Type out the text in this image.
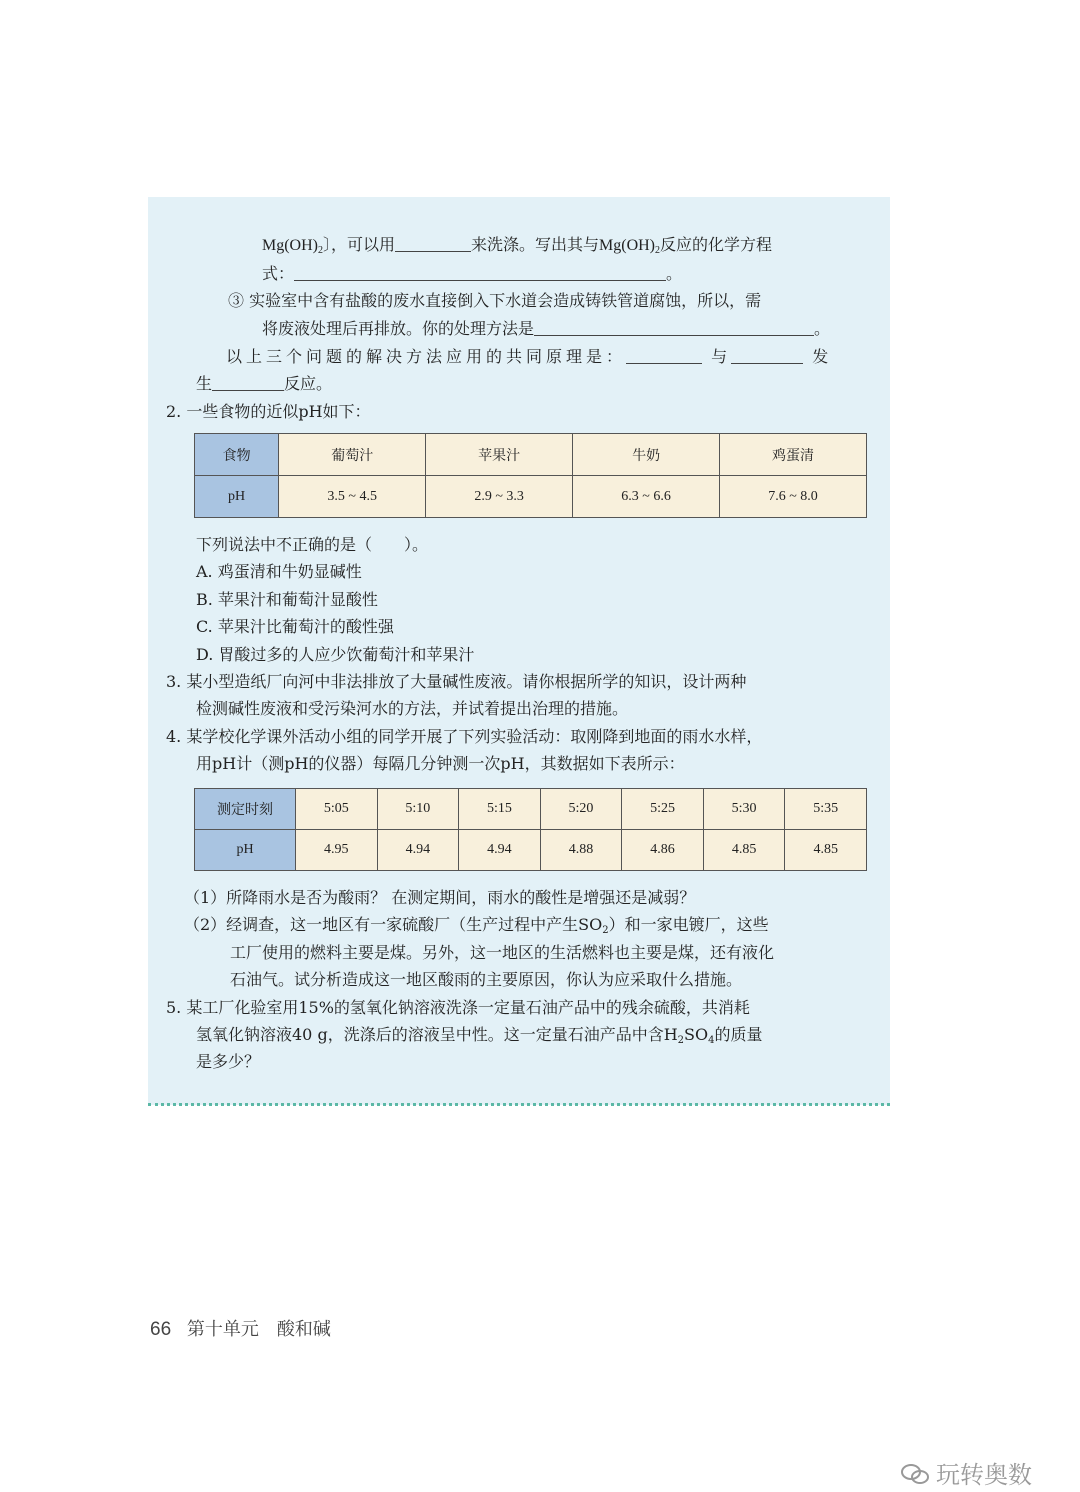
$Mg(OH)_2$〕，可以用	来洗涤。写出其与$Mg(OH)_2$反应的化学方程
式：	。
③ 实验室中含有盐酸的废水直接倒入下水道会造成铸铁管道腐蚀，所以，需
将废液处理后再排放。你的处理方法是	。
以上三个问题的解决方法应用的共同原理是：	与	发
生	反应。
2. 一些食物的近似pH如下：
食物	葡萄汁	苹果汁	牛奶	鸡蛋清
pH	3.5 ~ 4.5	2.9 ~ 3.3	6.3 ~ 6.6	7.6 ~ 8.0
下列说法中不正确的是（　　）。
A. 鸡蛋清和牛奶显碱性
B. 苹果汁和葡萄汁显酸性
C. 苹果汁比葡萄汁的酸性强
D. 胃酸过多的人应少饮葡萄汁和苹果汁
3. 某小型造纸厂向河中非法排放了大量碱性废液。请你根据所学的知识，设计两种
检测碱性废液和受污染河水的方法，并试着提出治理的措施。
4. 某学校化学课外活动小组的同学开展了下列实验活动：取刚降到地面的雨水水样，
用pH计（测pH的仪器）每隔几分钟测一次pH，其数据如下表所示：
测定时刻	5:05	5:10	5:15	5:20	5:25	5:30	5:35
pH	4.95	4.94	4.94	4.88	4.86	4.85	4.85
（1）所降雨水是否为酸雨？ 在测定期间，雨水的酸性是增强还是减弱？
（2）经调查，这一地区有一家硫酸厂（生产过程中产生$SO_2$）和一家电镀厂，这些
工厂使用的燃料主要是煤。另外，这一地区的生活燃料也主要是煤，还有液化
石油气。试分析造成这一地区酸雨的主要原因，你认为应采取什么措施。
5. 某工厂化验室用15%的氢氧化钠溶液洗涤一定量石油产品中的残余硫酸，共消耗
氢氧化钠溶液40 g，洗涤后的溶液呈中性。这一定量石油产品中含$H_2SO_4$的质量
是多少？
66 第十单元　酸和碱
玩转奥数
